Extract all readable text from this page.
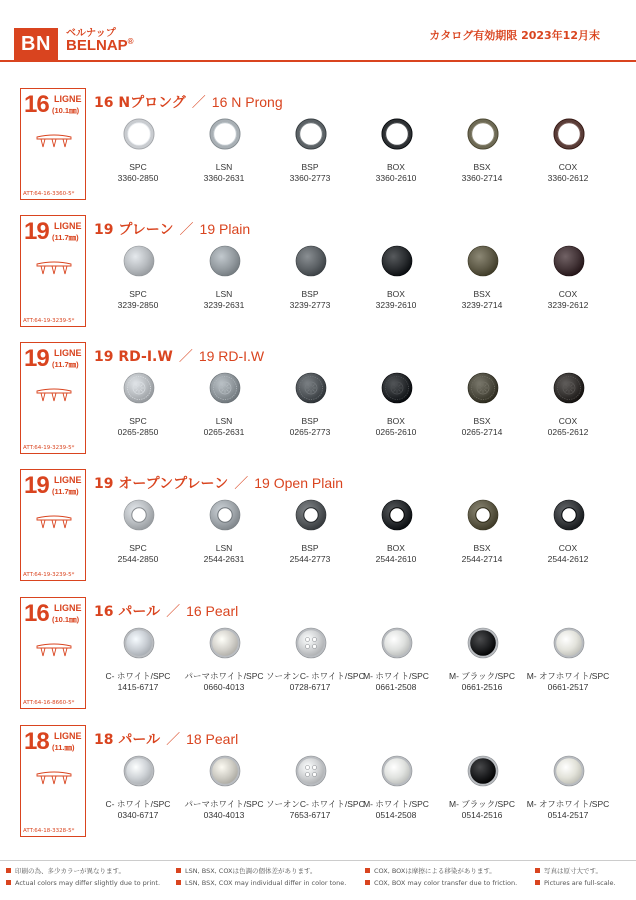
BN	ベルナップ
BELNAP®	カタログ有効期限 2023年12月末
16 LIGNE
(10.1㎜)
ATT:64-16-3360-5*
16 Nプロング ／ 16 N Prong
SPC
3360-2850
LSN
3360-2631
BSP
3360-2773
BOX
3360-2610
BSX
3360-2714
COX
3360-2612
19 LIGNE
(11.7㎜)
ATT:64-19-3239-5*
19 プレーン ／ 19 Plain
SPC
3239-2850
LSN
3239-2631
BSP
3239-2773
BOX
3239-2610
BSX
3239-2714
COX
3239-2612
19 LIGNE
(11.7㎜)
ATT:64-19-3239-5*
19 RD-I.W ／ 19 RD-I.W
SPC
0265-2850
LSN
0265-2631
BSP
0265-2773
BOX
0265-2610
BSX
0265-2714
COX
0265-2612
19 LIGNE
(11.7㎜)
ATT:64-19-3239-5*
19 オープンプレーン ／ 19 Open Plain
SPC
2544-2850
LSN
2544-2631
BSP
2544-2773
BOX
2544-2610
BSX
2544-2714
COX
2544-2612
16 LIGNE
(10.1㎜)
ATT:64-16-8660-5*
16 パール ／ 16 Pearl
C- ホワイト/SPC
1415-6717
パーマホワイト/SPC
0660-4013
ソーオンC- ホワイト/SPC
0728-6717
M- ホワイト/SPC
0661-2508
M- ブラック/SPC
0661-2516
M- オフホワイト/SPC
0661-2517
18 LIGNE
(11.㎜)
ATT:64-18-3328-5*
18 パール ／ 18 Pearl
C- ホワイト/SPC
0340-6717
パーマホワイト/SPC
0340-4013
ソーオンC- ホワイト/SPC
7653-6717
M- ホワイト/SPC
0514-2508
M- ブラック/SPC
0514-2516
M- オフホワイト/SPC
0514-2517
印刷の為、多少カラーが異なります。
Actual colors may differ slightly due to print.
LSN, BSX, COXは色調の個体差があります。
LSN, BSX, COX may individual differ in color tone.
COX, BOXは摩擦による移染があります。
COX, BOX may color transfer due to friction.
写真は原寸大です。
Pictures are full-scale.
